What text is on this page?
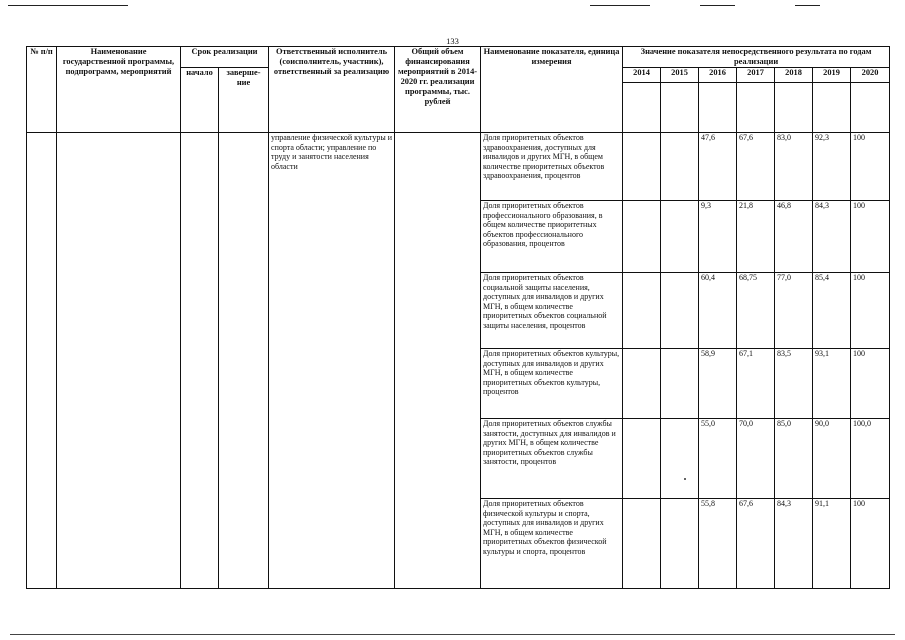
133
№ п/п	Наименование государственной программы, подпрограмм, мероприятий	Срок реализации		Ответственный исполнитель (соисполнитель, участник), ответственный за реализацию	Общий объем финансирования мероприятий в 2014-2020 гг. реализации программы, тыс. рублей	Наименование показателя, единица измерения	Значение показателя непосредственного результата по годам реализации						
		начало	заверше-ние				2014	2015	2016	2017	2018	2019	2020

				управление физической культуры и спорта области; управление по труду и занятости населения области		Доля приоритетных объектов здравоохранения, доступных для инвалидов и других МГН, в общем количестве приоритетных объектов здравоохранения, процентов			47,6	67,6	83,0	92,3	100
						Доля приоритетных объектов профессионального образования, в общем количестве приоритетных объектов профессионального образования, процентов			9,3	21,8	46,8	84,3	100
						Доля приоритетных объектов социальной защиты населения, доступных для инвалидов и других МГН, в общем количестве приоритетных объектов социальной защиты населения, процентов			60,4	68,75	77,0	85,4	100
						Доля приоритетных объектов культуры, доступных для инвалидов и других МГН, в общем количестве приоритетных объектов культуры, процентов			58,9	67,1	83,5	93,1	100
						Доля приоритетных объектов службы занятости, доступных для инвалидов и других МГН, в общем количестве приоритетных объектов службы занятости, процентов			55,0	70,0	85,0	90,0	100,0
						Доля приоритетных объектов физической культуры и спорта, доступных для инвалидов и других МГН, в общем количестве приоритетных объектов физической культуры и спорта, процентов			55,8	67,6	84,3	91,1	100
